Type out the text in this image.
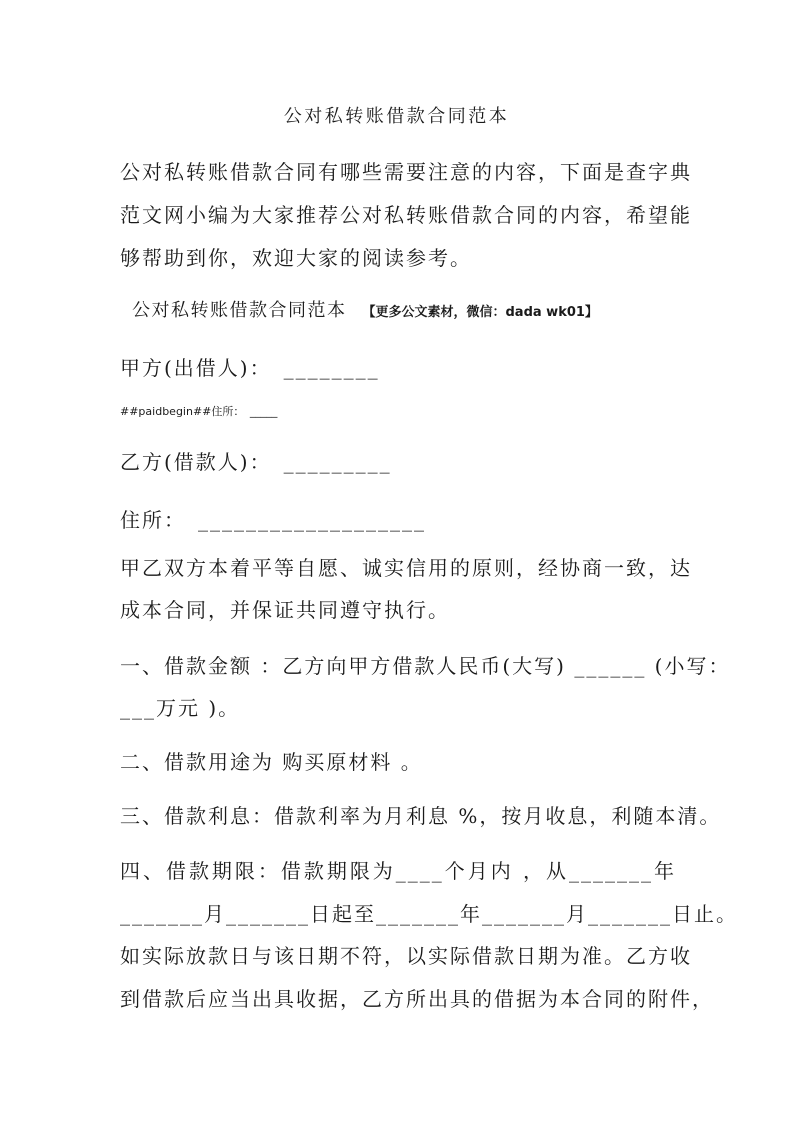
公对私转账借款合同范本
公对私转账借款合同有哪些需要注意的内容，下面是查字典
范文网小编为大家推荐公对私转账借款合同的内容，希望能
够帮助到你，欢迎大家的阅读参考。
公对私转账借款合同范本 【更多公文素材，微信：dada wk01】
甲方(出借人)：　________
##paidbegin##住所：　_____
乙方(借款人)：　_________
住所：　___________________
甲乙双方本着平等自愿、诚实信用的原则，经协商一致，达
成本合同，并保证共同遵守执行。
一、借款金额 ：乙方向甲方借款人民币(大写) ______ (小写：
___万元 )。
二、借款用途为 购买原材料 。
三、借款利息：借款利率为月利息 %，按月收息，利随本清。
四、借款期限：借款期限为____个月内 ，从_______年
_______月_______日起至_______年_______月_______日止。
如实际放款日与该日期不符，以实际借款日期为准。乙方收
到借款后应当出具收据，乙方所出具的借据为本合同的附件，
